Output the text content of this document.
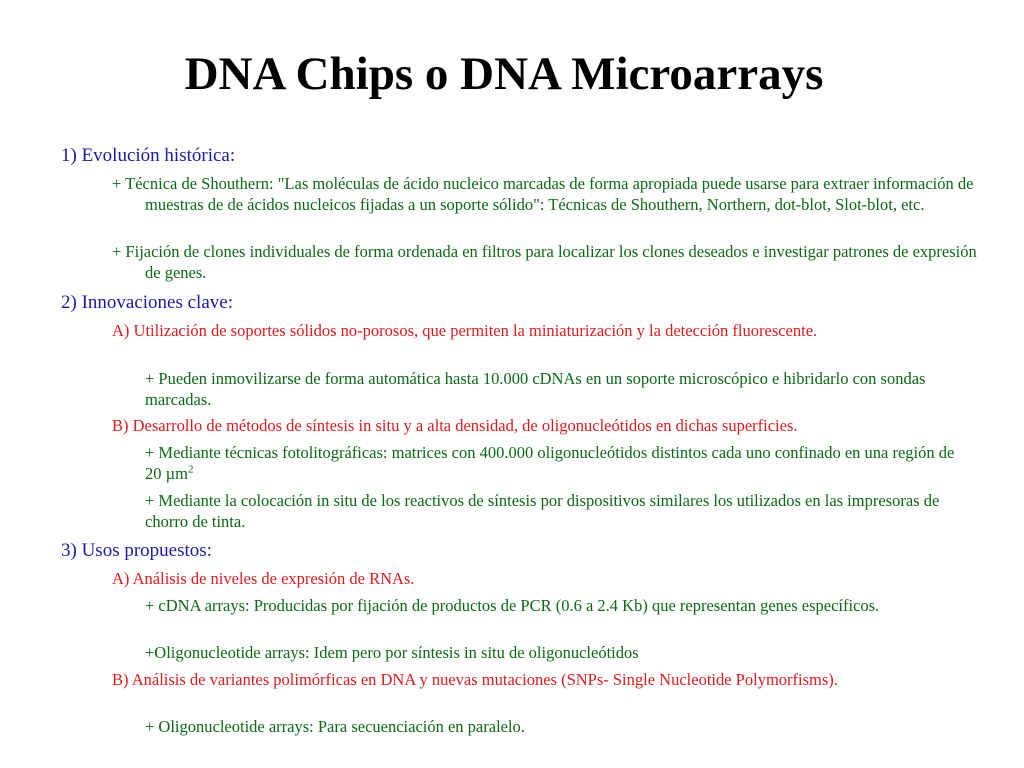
DNA Chips o DNA Microarrays
1) Evolución histórica:
+ Técnica de Shouthern: "Las moléculas de ácido nucleico marcadas de forma apropiada puede usarse para extraer información de muestras de de ácidos nucleicos fijadas a un soporte sólido": Técnicas de Shouthern, Northern, dot-blot, Slot-blot, etc.
+ Fijación de clones individuales de forma ordenada en filtros para localizar los clones deseados e investigar patrones de expresión de genes.
2) Innovaciones clave:
A) Utilización de soportes sólidos no-porosos, que permiten la miniaturización y la detección fluorescente.
+ Pueden inmovilizarse de forma automática hasta 10.000 cDNAs en un soporte microscópico e hibridarlo con sondas marcadas.
B) Desarrollo de métodos de síntesis in situ y a alta densidad, de oligonucleótidos en dichas superficies.
+ Mediante técnicas fotolitográficas: matrices con 400.000 oligonucleótidos distintos cada uno confinado en una región de 20 µm$^2$
+ Mediante la colocación in situ de los reactivos de síntesis por dispositivos similares los utilizados en las impresoras de chorro de tinta.
3) Usos propuestos:
A) Análisis de niveles de expresión de RNAs.
+ cDNA arrays: Producidas por fijación de productos de PCR (0.6 a 2.4 Kb) que representan genes específicos.
+Oligonucleotide arrays: Idem pero por síntesis in situ de oligonucleótidos
B) Análisis de variantes polimórficas en DNA y nuevas mutaciones (SNPs- Single Nucleotide Polymorfisms).
+ Oligonucleotide arrays: Para secuenciación en paralelo.
